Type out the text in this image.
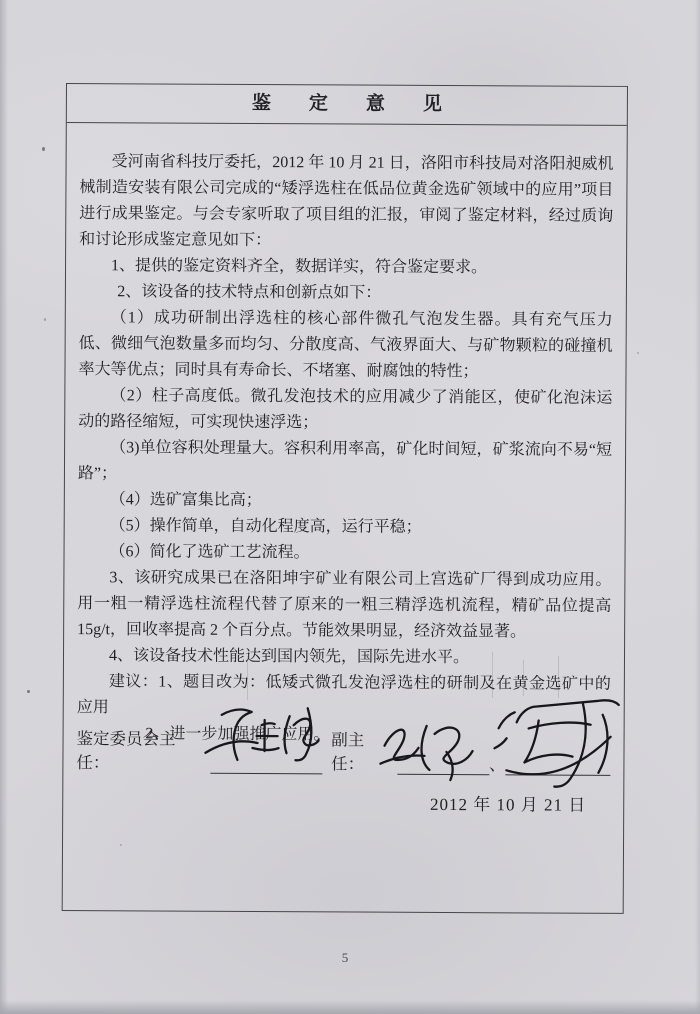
鉴　　定　　意　　见
受河南省科技厅委托，2012 年 10 月 21 日，洛阳市科技局对洛阳昶威机械制造安装有限公司完成的“矮浮选柱在低品位黄金选矿领域中的应用”项目进行成果鉴定。与会专家听取了项目组的汇报，审阅了鉴定材料，经过质询和讨论形成鉴定意见如下：
1、提供的鉴定资料齐全，数据详实，符合鉴定要求。
2、该设备的技术特点和创新点如下：
（1）成功研制出浮选柱的核心部件微孔气泡发生器。具有充气压力低、微细气泡数量多而均匀、分散度高、气液界面大、与矿物颗粒的碰撞机率大等优点；同时具有寿命长、不堵塞、耐腐蚀的特性；
（2）柱子高度低。微孔发泡技术的应用减少了消能区，使矿化泡沫运动的路径缩短，可实现快速浮选；
（3)单位容积处理量大。容积利用率高，矿化时间短，矿浆流向不易“短路”；
（4）选矿富集比高；
（5）操作简单，自动化程度高，运行平稳；
（6）简化了选矿工艺流程。
3、该研究成果已在洛阳坤宇矿业有限公司上宫选矿厂得到成功应用。用一粗一精浮选柱流程代替了原来的一粗三精浮选机流程，精矿品位提高15g/t，回收率提高 2 个百分点。节能效果明显，经济效益显著。
4、该设备技术性能达到国内领先，国际先进水平。
建议：1、题目改为：低矮式微孔发泡浮选柱的研制及在黄金选矿中的应用
2、进一步加强推广应用。
鉴定委员会主任：
副主任：	、
2012 年 10 月 21 日
5
